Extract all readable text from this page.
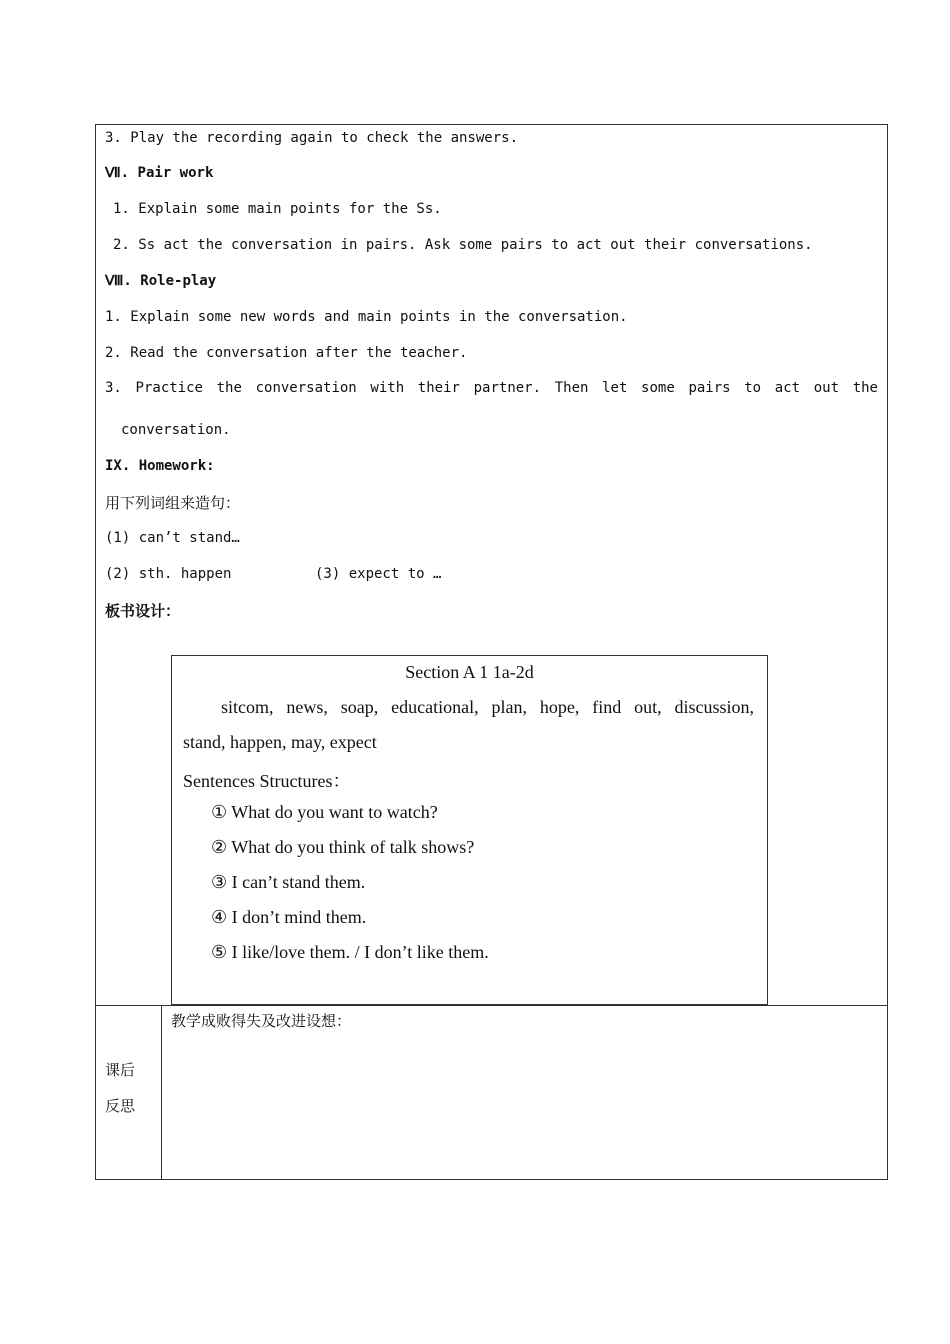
3. Play the recording again to check the answers.
Ⅶ. Pair work
1. Explain some main points for the Ss.
2. Ss act the conversation in pairs. Ask some pairs to act out their conversations.
Ⅷ. Role-play
1. Explain some new words and main points in the conversation.
2. Read the conversation after the teacher.
3. Practice the conversation with their partner. Then let some pairs to act out the
conversation.
IX. Homework:
用下列词组来造句：
(1) can’t stand…
(2) sth. happen	(3) expect to …
板书设计：
Section A 1 1a-2d
sitcom, news, soap, educational, plan, hope, find out, discussion,
stand, happen, may, expect
Sentences Structures：
① What do you want to watch?
② What do you think of talk shows?
③ I can’t stand them.
④ I don’t mind them.
⑤ I like/love them. / I don’t like them.
课后
反思
教学成败得失及改进设想：
